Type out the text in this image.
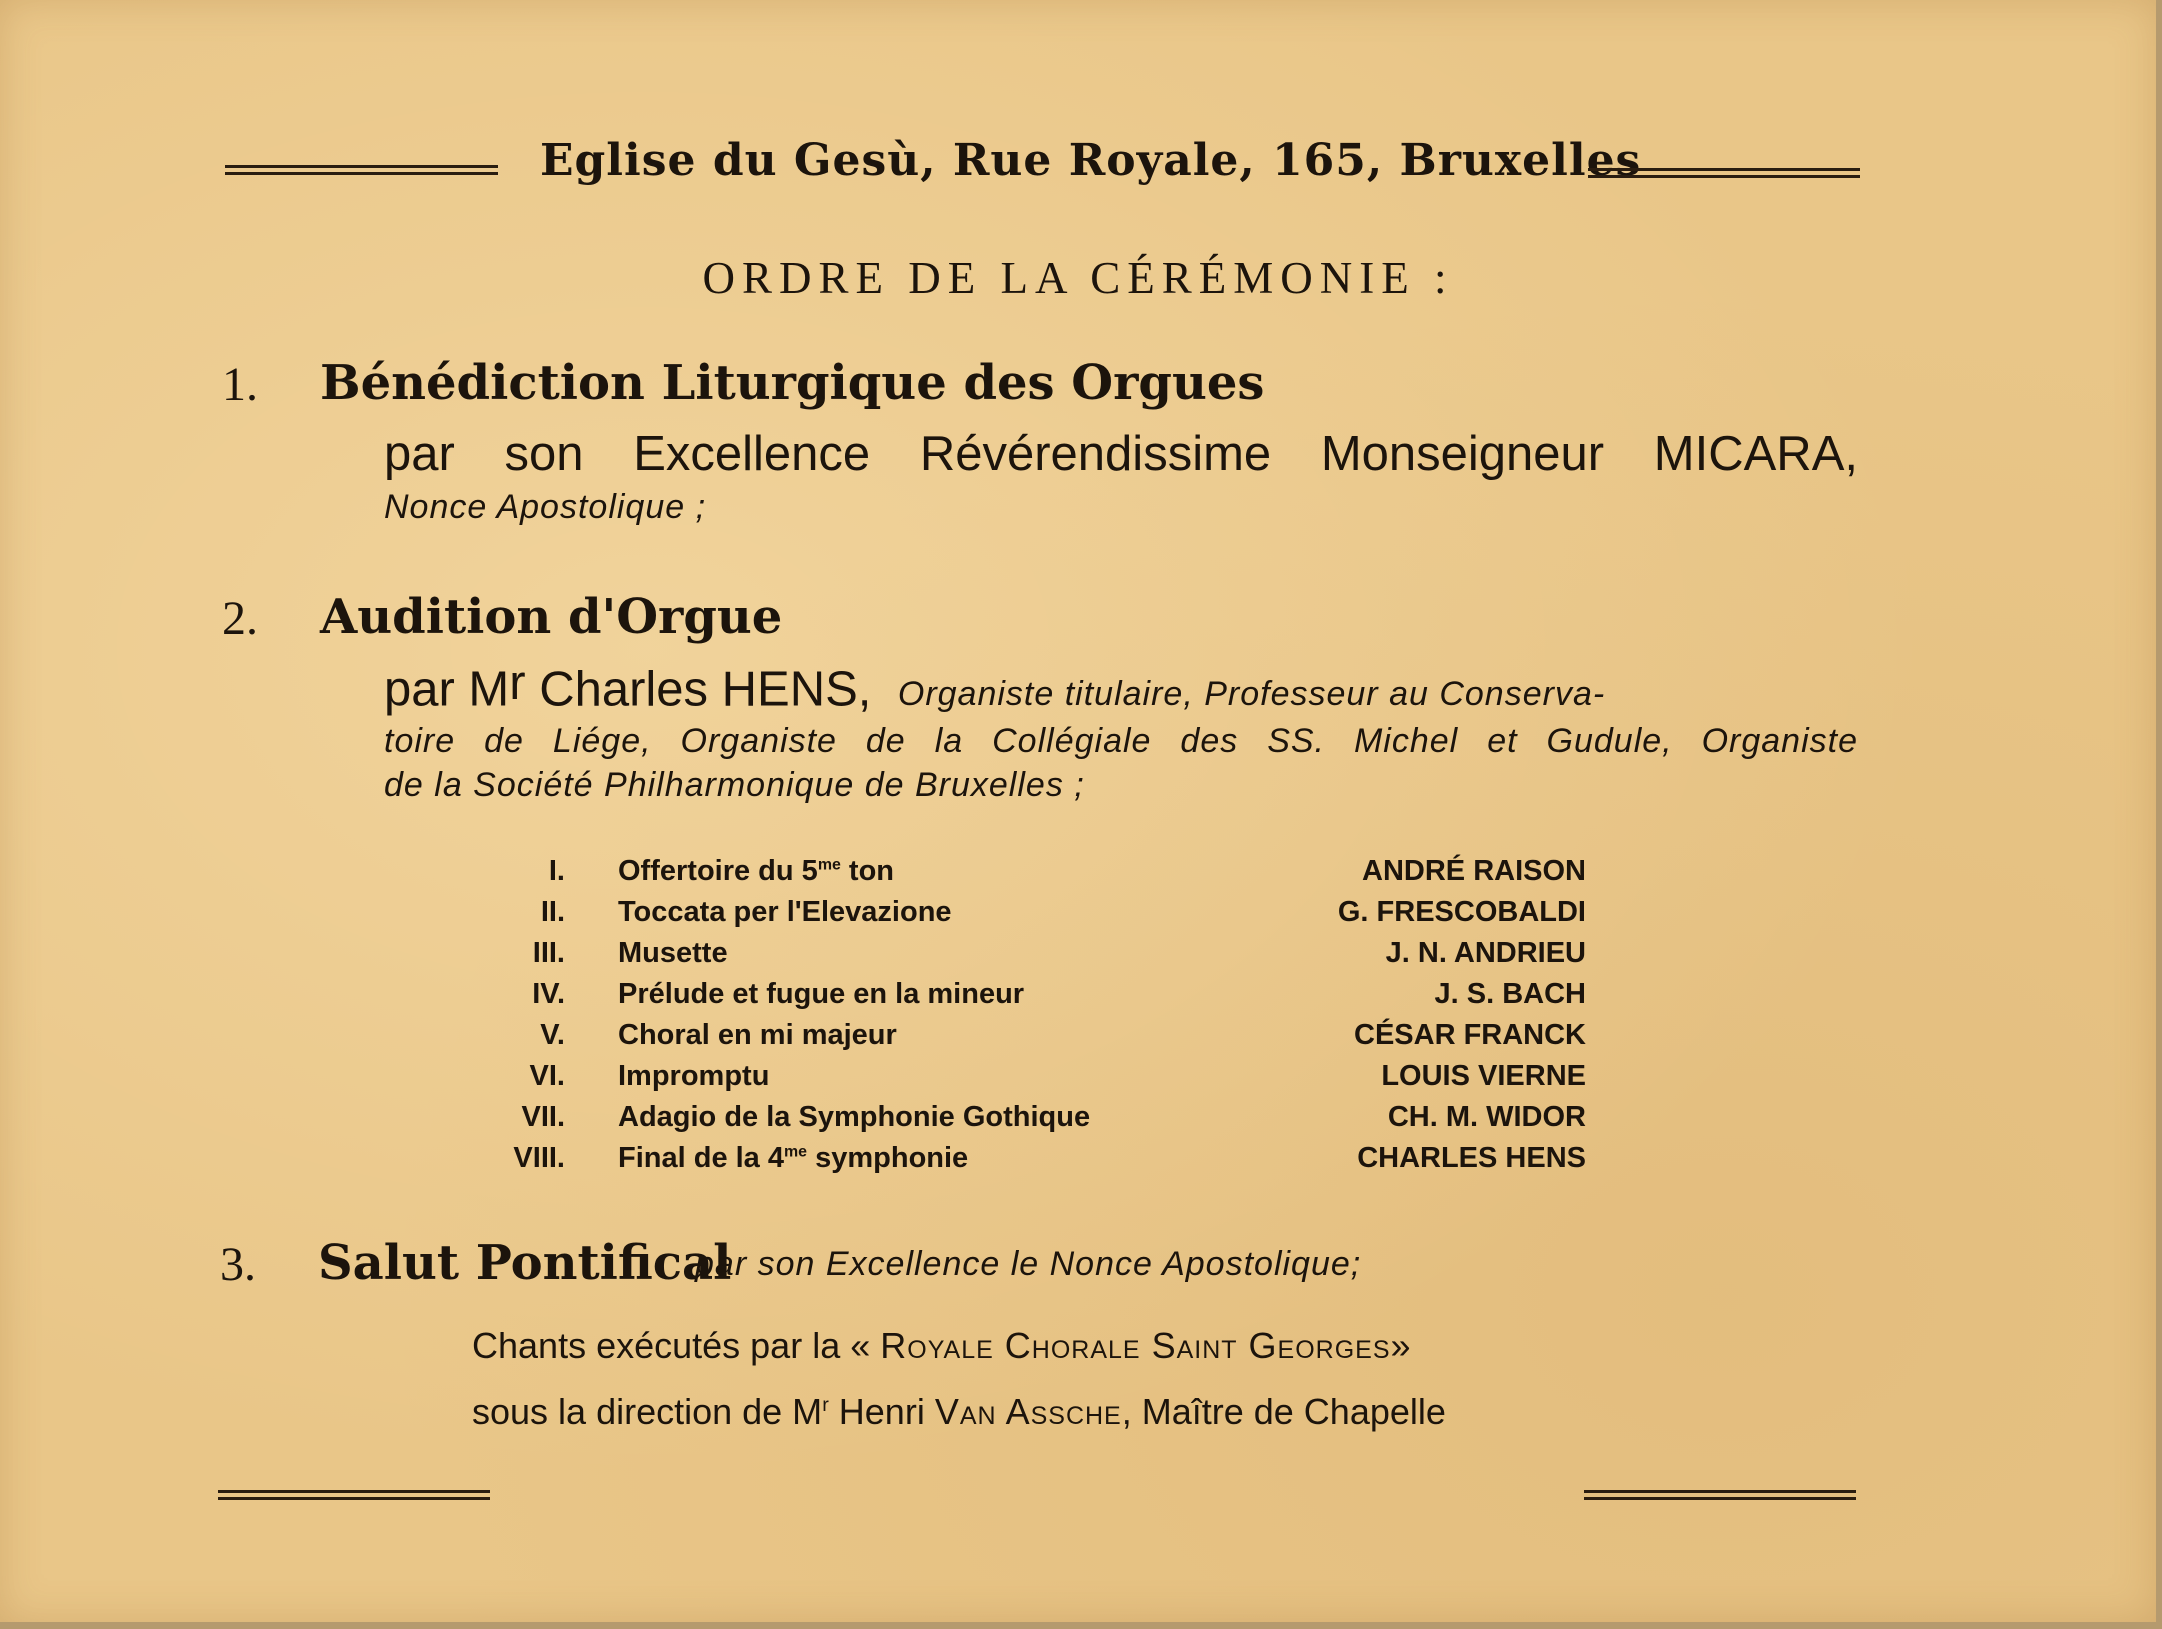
Eglise du Gesù, Rue Royale, 165, Bruxelles
ORDRE DE LA CÉRÉMONIE :
1. Bénédiction Liturgique des Orgues
par son Excellence Révérendissime Monseigneur MICARA,
Nonce Apostolique ;
2. Audition d'Orgue
par $M^r$ Charles HENS, Organiste titulaire, Professeur au Conserva-
toire de Liége, Organiste de la Collégiale des SS. Michel et Gudule, Organiste
de la Société Philharmonique de Bruxelles ;
I. Offertoire du $5^{me}$ ton	ANDRÉ RAISON
II. Toccata per l'Elevazione	G. FRESCOBALDI
III. Musette	J. N. ANDRIEU
IV. Prélude et fugue en la mineur	J. S. BACH
V. Choral en mi majeur	CÉSAR FRANCK
VI. Impromptu	LOUIS VIERNE
VII. Adagio de la Symphonie Gothique	CH. M. WIDOR
VIII. Final de la $4^{me}$ symphonie	CHARLES HENS
3. Salut Pontifical
par son Excellence le Nonce Apostolique;
Chants exécutés par la « Royale Chorale Saint Georges»
sous la direction de $M^r$ Henri Van Assche, Maître de Chapelle
